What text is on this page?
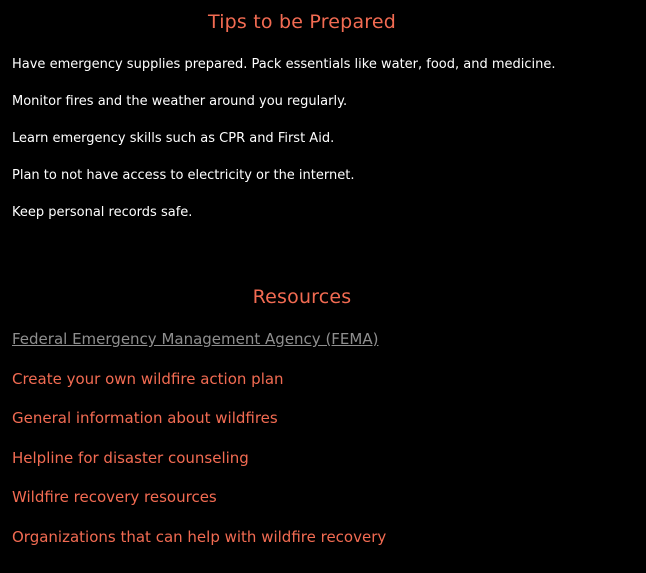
Tips to be Prepared
Have emergency supplies prepared. Pack essentials like water, food, and medicine.
Monitor fires and the weather around you regularly.
Learn emergency skills such as CPR and First Aid.
Plan to not have access to electricity or the internet.
Keep personal records safe.
Resources
Federal Emergency Management Agency (FEMA)
Create your own wildfire action plan
General information about wildfires
Helpline for disaster counseling
Wildfire recovery resources
Organizations that can help with wildfire recovery
